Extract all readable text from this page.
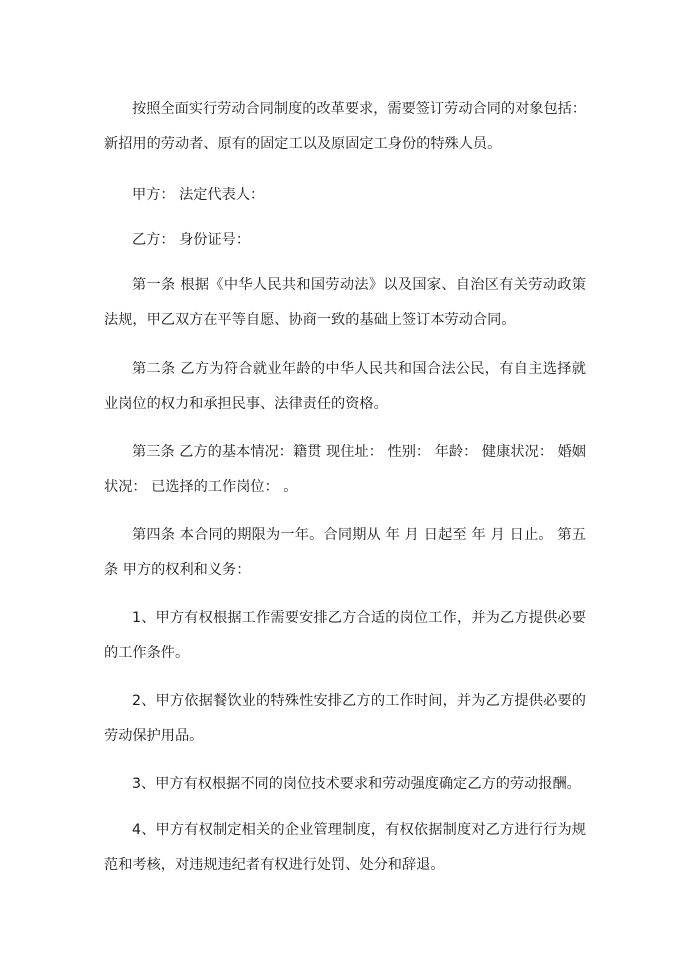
按照全面实行劳动合同制度的改革要求，需要签订劳动合同的对象包括：新招用的劳动者、原有的固定工以及原固定工身份的特殊人员。

甲方： 法定代表人：

乙方： 身份证号：

第一条 根据《中华人民共和国劳动法》以及国家、自治区有关劳动政策法规，甲乙双方在平等自愿、协商一致的基础上签订本劳动合同。

第二条 乙方为符合就业年龄的中华人民共和国合法公民，有自主选择就业岗位的权力和承担民事、法律责任的资格。

第三条 乙方的基本情况：籍贯 现住址： 性别： 年龄： 健康状况： 婚姻状况： 已选择的工作岗位： 。

第四条 本合同的期限为一年。合同期从 年 月 日起至 年 月 日止。 第五条 甲方的权利和义务：

1、甲方有权根据工作需要安排乙方合适的岗位工作，并为乙方提供必要的工作条件。

2、甲方依据餐饮业的特殊性安排乙方的工作时间，并为乙方提供必要的劳动保护用品。

3、甲方有权根据不同的岗位技术要求和劳动强度确定乙方的劳动报酬。

4、甲方有权制定相关的企业管理制度，有权依据制度对乙方进行行为规范和考核，对违规违纪者有权进行处罚、处分和辞退。
